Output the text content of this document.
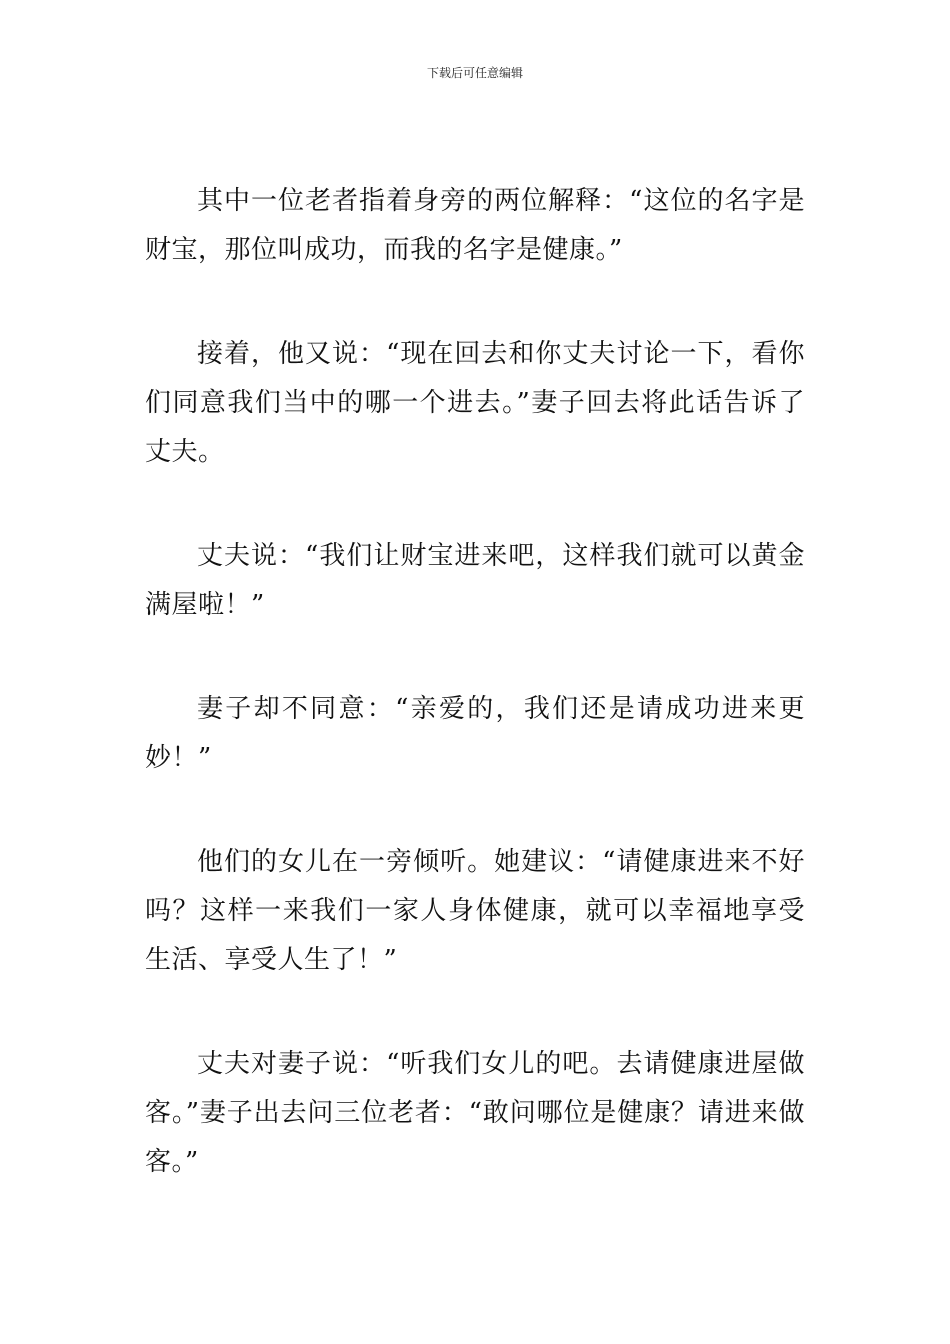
下载后可任意编辑

其中一位老者指着身旁的两位解释：“这位的名字是财宝，那位叫成功，而我的名字是健康。”

接着，他又说：“现在回去和你丈夫讨论一下，看你们同意我们当中的哪一个进去。”妻子回去将此话告诉了丈夫。

丈夫说：“我们让财宝进来吧，这样我们就可以黄金满屋啦！”

妻子却不同意：“亲爱的，我们还是请成功进来更妙！”

他们的女儿在一旁倾听。她建议：“请健康进来不好吗？这样一来我们一家人身体健康，就可以幸福地享受生活、享受人生了！”

丈夫对妻子说：“听我们女儿的吧。去请健康进屋做客。”妻子出去问三位老者：“敢问哪位是健康？请进来做客。”
